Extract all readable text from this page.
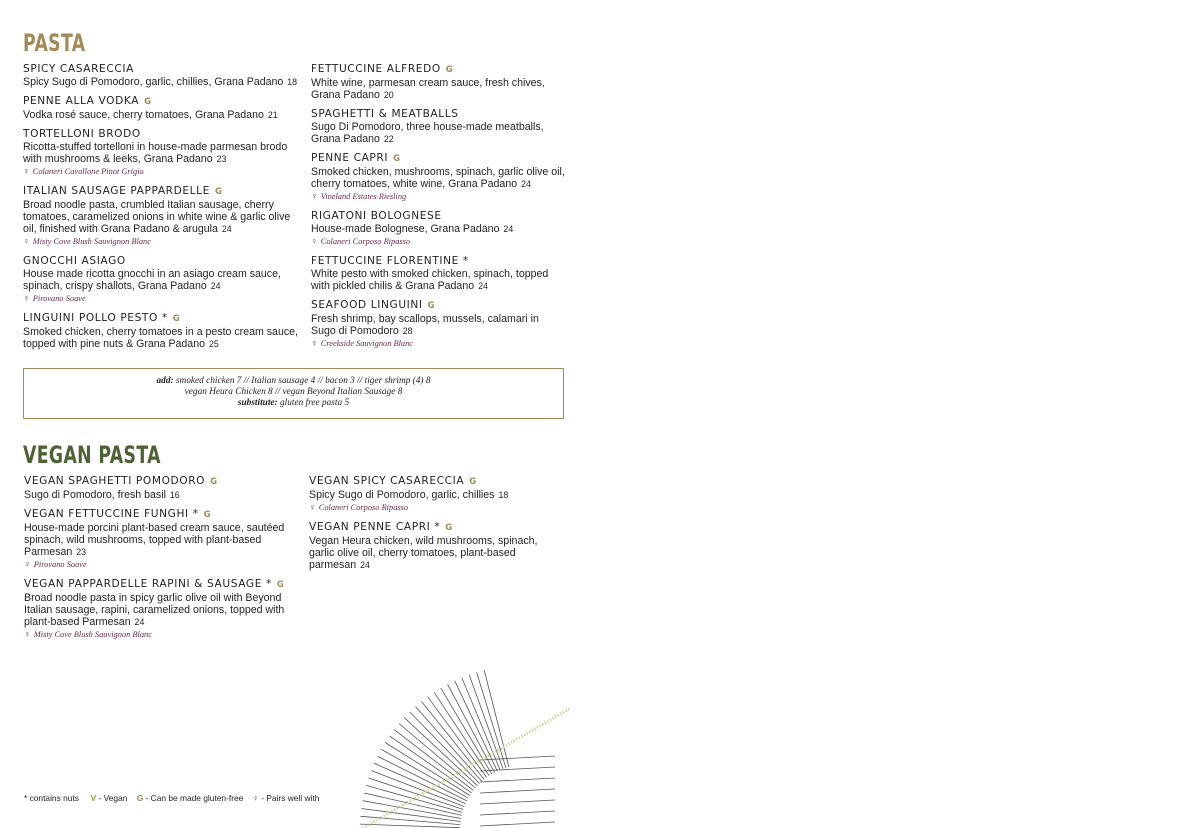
PASTA
SPICY CASARECCIA
Spicy Sugo di Pomodoro, garlic, chillies, Grana Padano 18
PENNE ALLA VODKA G
Vodka rosé sauce, cherry tomatoes, Grana Padano 21
TORTELLONI BRODO
Ricotta-stuffed tortelloni in house-made parmesan brodo with mushrooms & leeks, Grana Padano 23
♀ Colaneri Cavallone Pinot Grigio
ITALIAN SAUSAGE PAPPARDELLE G
Broad noodle pasta, crumbled Italian sausage, cherry tomatoes, caramelized onions in white wine & garlic olive oil, finished with Grana Padano & arugula 24
♀ Misty Cove Blush Sauvignon Blanc
GNOCCHI ASIAGO
House made ricotta gnocchi in an asiago cream sauce, spinach, crispy shallots, Grana Padano 24
♀ Pirovano Soave
LINGUINI POLLO PESTO * G
Smoked chicken, cherry tomatoes in a pesto cream sauce, topped with pine nuts & Grana Padano 25
FETTUCCINE ALFREDO G
White wine, parmesan cream sauce, fresh chives, Grana Padano 20
SPAGHETTI & MEATBALLS
Sugo Di Pomodoro, three house-made meatballs, Grana Padano 22
PENNE CAPRI G
Smoked chicken, mushrooms, spinach, garlic olive oil, cherry tomatoes, white wine, Grana Padano 24
♀ Vineland Estates Riesling
RIGATONI BOLOGNESE
House-made Bolognese, Grana Padano 24
♀ Colaneri Corposo Ripasso
FETTUCCINE FLORENTINE *
White pesto with smoked chicken, spinach, topped with pickled chilis & Grana Padano 24
SEAFOOD LINGUINI G
Fresh shrimp, bay scallops, mussels, calamari in Sugo di Pomodoro 28
♀ Creekside Sauvignon Blanc
add: smoked chicken 7 // Italian sausage 4 // bacon 3 // tiger shrimp (4) 8
vegan Heura Chicken 8 // vegan Beyond Italian Sausage 8
substitute: gluten free pasta 5
VEGAN PASTA
VEGAN SPAGHETTI POMODORO G
Sugo di Pomodoro, fresh basil 16
VEGAN FETTUCCINE FUNGHI * G
House-made porcini plant-based cream sauce, sautéed spinach, wild mushrooms, topped with plant-based Parmesan 23
♀ Pirovano Soave
VEGAN PAPPARDELLE RAPINI & SAUSAGE * G
Broad noodle pasta in spicy garlic olive oil with Beyond Italian sausage, rapini, caramelized onions, topped with plant-based Parmesan 24
♀ Misty Cove Blush Sauvignon Blanc
VEGAN SPICY CASARECCIA G
Spicy Sugo di Pomodoro, garlic, chillies 18
♀ Colaneri Corposo Ripasso
VEGAN PENNE CAPRI * G
Vegan Heura chicken, wild mushrooms, spinach, garlic olive oil, cherry tomatoes, plant-based parmesan 24
* contains nuts V - Vegan G - Can be made gluten-free ♀ - Pairs well with
